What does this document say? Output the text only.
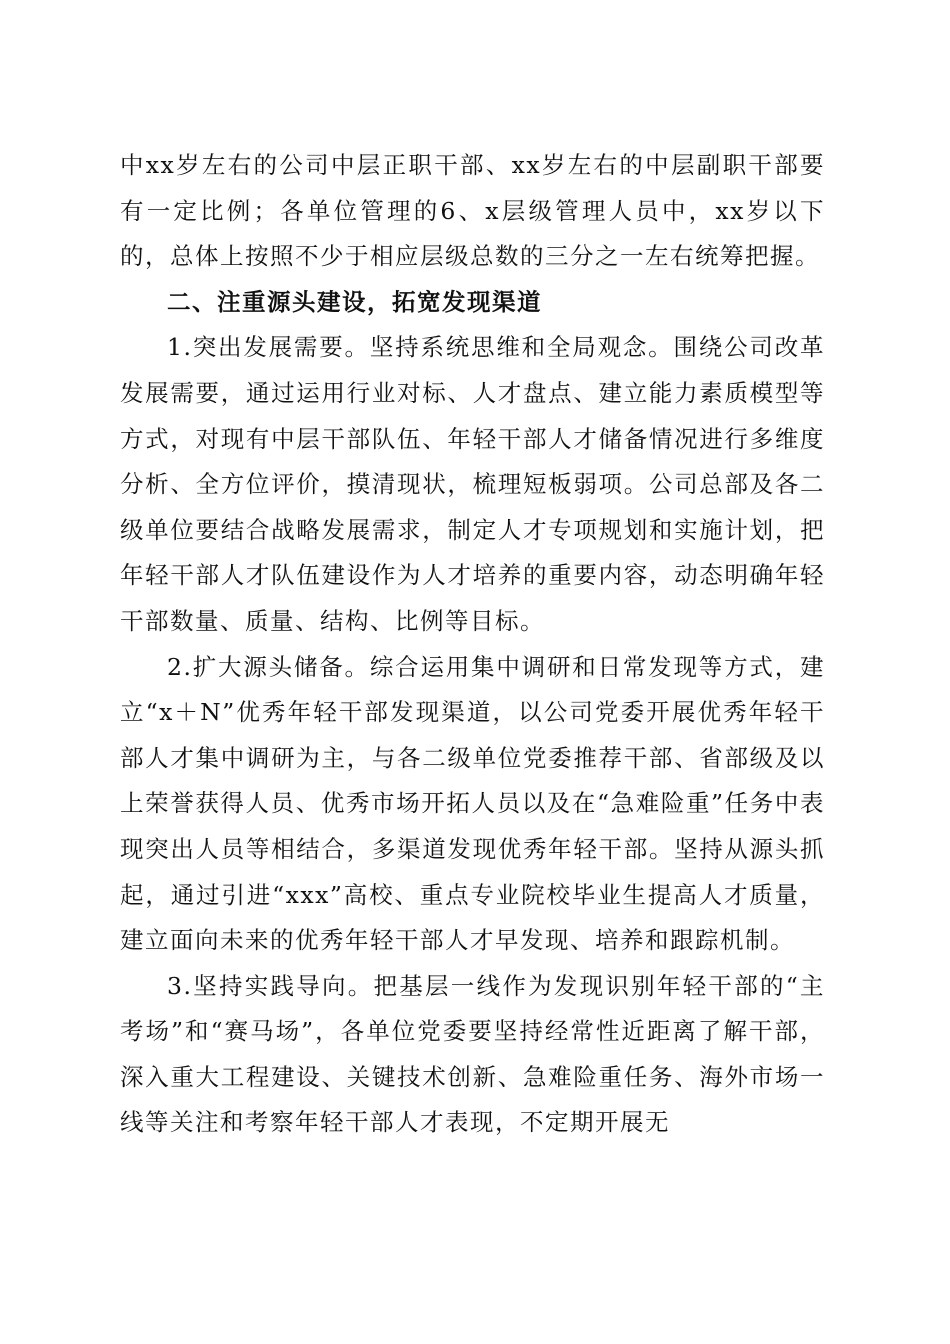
中xx岁左右的公司中层正职干部、xx岁左右的中层副职干部要有一定比例；各单位管理的6、x层级管理人员中，xx岁以下的，总体上按照不少于相应层级总数的三分之一左右统筹把握。

二、注重源头建设，拓宽发现渠道

1.突出发展需要。坚持系统思维和全局观念。围绕公司改革发展需要，通过运用行业对标、人才盘点、建立能力素质模型等方式，对现有中层干部队伍、年轻干部人才储备情况进行多维度分析、全方位评价，摸清现状，梳理短板弱项。公司总部及各二级单位要结合战略发展需求，制定人才专项规划和实施计划，把年轻干部人才队伍建设作为人才培养的重要内容，动态明确年轻干部数量、质量、结构、比例等目标。

2.扩大源头储备。综合运用集中调研和日常发现等方式，建立“x＋N”优秀年轻干部发现渠道，以公司党委开展优秀年轻干部人才集中调研为主，与各二级单位党委推荐干部、省部级及以上荣誉获得人员、优秀市场开拓人员以及在“急难险重”任务中表现突出人员等相结合，多渠道发现优秀年轻干部。坚持从源头抓起，通过引进“xxx”高校、重点专业院校毕业生提高人才质量，建立面向未来的优秀年轻干部人才早发现、培养和跟踪机制。

3.坚持实践导向。把基层一线作为发现识别年轻干部的“主考场”和“赛马场”，各单位党委要坚持经常性近距离了解干部，深入重大工程建设、关键技术创新、急难险重任务、海外市场一线等关注和考察年轻干部人才表现，不定期开展无
